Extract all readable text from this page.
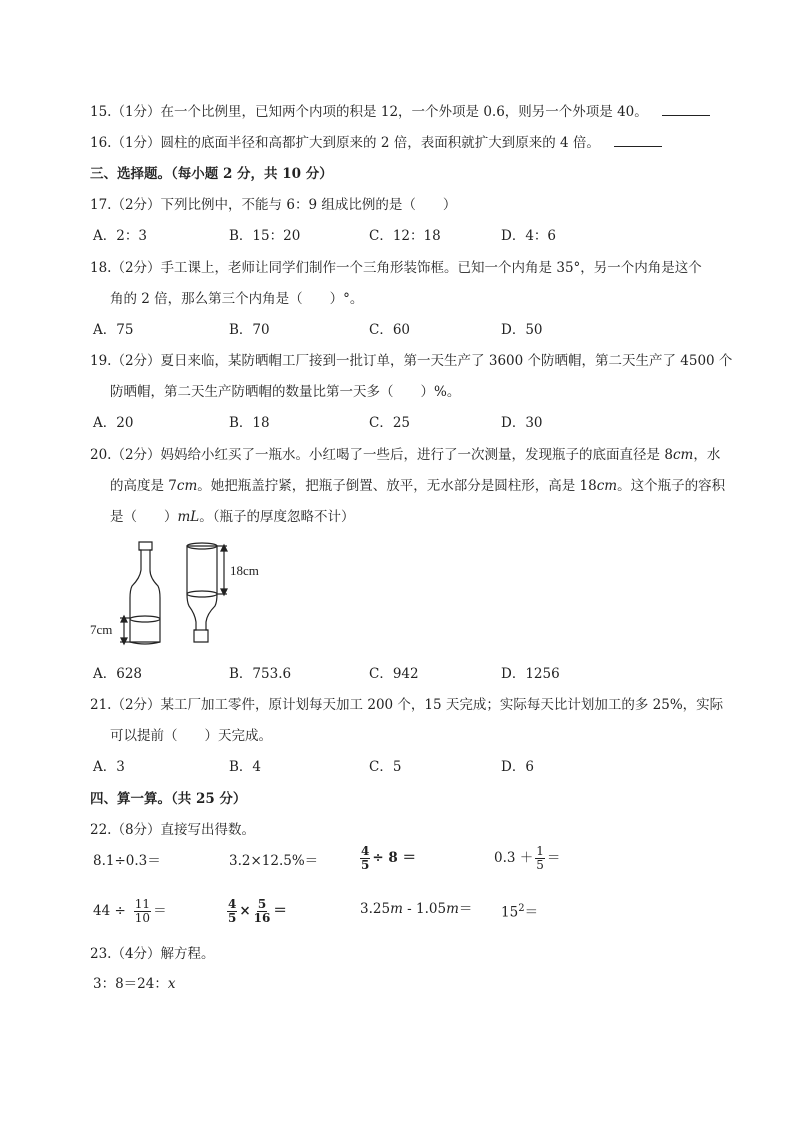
15.（1分）在一个比例里，已知两个内项的积是 12，一个外项是 0.6，则另一个外项是 40。
16.（1分）圆柱的底面半径和高都扩大到原来的 2 倍，表面积就扩大到原来的 4 倍。
三、选择题。（每小题 2 分，共 10 分）
17.（2分）下列比例中，不能与 6：9 组成比例的是（　　）
A．2：3	B．15：20	C．12：18	D．4：6
18.（2分）手工课上，老师让同学们制作一个三角形装饰框。已知一个内角是 35°，另一个内角是这个
角的 2 倍，那么第三个内角是（　　）°。
A．75	B．70	C．60	D．50
19.（2分）夏日来临，某防晒帽工厂接到一批订单，第一天生产了 3600 个防晒帽，第二天生产了 4500 个
防晒帽，第二天生产防晒帽的数量比第一天多（　　）%。
A．20	B．18	C．25	D．30
20.（2分）妈妈给小红买了一瓶水。小红喝了一些后，进行了一次测量，发现瓶子的底面直径是 8cm，水
的高度是 7cm。她把瓶盖拧紧，把瓶子倒置、放平，无水部分是圆柱形，高是 18cm。这个瓶子的容积
是（　　）mL。（瓶子的厚度忽略不计）
7cm
18cm
A．628	B．753.6	C．942	D．1256
21.（2分）某工厂加工零件，原计划每天加工 200 个，15 天完成；实际每天比计划加工的多 25%，实际
可以提前（　　）天完成。
A．3	B．4	C．5	D．6
四、算一算。（共 25 分）
22.（8分）直接写出得数。
8.1÷0.3＝	3.2×12.5%＝	$\frac{4}{5} \div 8$ ＝	$0.3 + \frac{1}{5}$ ＝
$44 \div \frac{11}{10}$ ＝	$\frac{4}{5} \times \frac{5}{16}$ ＝	$3.25m - 1.05m= 15^2=$
23.（4分）解方程。
3：8＝24：x
